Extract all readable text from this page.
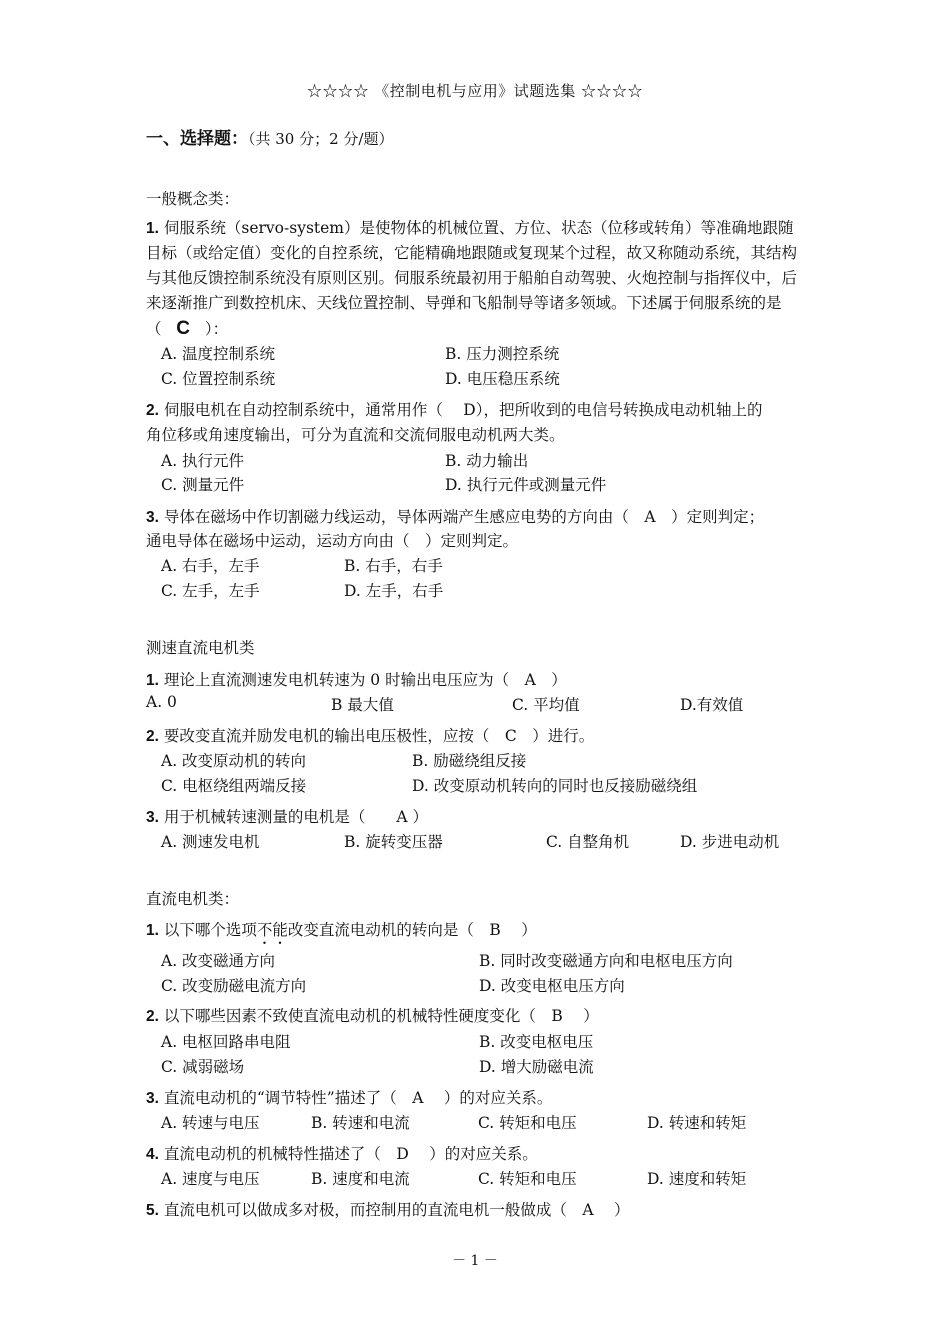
☆☆☆☆ 《控制电机与应用》试题选集 ☆☆☆☆
一、选择题：（共 30 分；2 分/题）
一般概念类：
1. 伺服系统（servo-system）是使物体的机械位置、方位、状态（位移或转角）等准确地跟随目标（或给定值）变化的自控系统，它能精确地跟随或复现某个过程，故又称随动系统，其结构与其他反馈控制系统没有原则区别。伺服系统最初用于船舶自动驾驶、火炮控制与指挥仪中，后来逐渐推广到数控机床、天线位置控制、导弹和飞船制导等诸多领域。下述属于伺服系统的是（ C ）：
A. 温度控制系统	B. 压力测控系统
C. 位置控制系统	D. 电压稳压系统
2. 伺服电机在自动控制系统中，通常用作（　 D），把所收到的电信号转换成电动机轴上的
角位移或角速度输出，可分为直流和交流伺服电动机两大类。
A. 执行元件	B. 动力输出
C. 测量元件	D. 执行元件或测量元件
3. 导体在磁场中作切割磁力线运动，导体两端产生感应电势的方向由（　A　）定则判定；
通电导体在磁场中运动，运动方向由（　）定则判定。
A. 右手，左手	B. 右手，右手
C. 左手，左手	D. 左手，右手
测速直流电机类
1. 理论上直流测速发电机转速为 0 时输出电压应为（　A　）
A. 0	B 最大值	C. 平均值	D.有效值
2. 要改变直流并励发电机的输出电压极性，应按（　C　）进行。
A. 改变原动机的转向	B. 励磁绕组反接
C. 电枢绕组两端反接	D. 改变原动机转向的同时也反接励磁绕组
3. 用于机械转速测量的电机是（　　A ）
A. 测速发电机	B. 旋转变压器	C. 自整角机	D. 步进电动机
直流电机类：
1. 以下哪个选项不能改变直流电动机的转向是（　B　 ）
A. 改变磁通方向	B. 同时改变磁通方向和电枢电压方向
C. 改变励磁电流方向	D. 改变电枢电压方向
2. 以下哪些因素不致使直流电动机的机械特性硬度变化（　B　 ）
A. 电枢回路串电阻	B. 改变电枢电压
C. 减弱磁场	D. 增大励磁电流
3. 直流电动机的“调节特性”描述了（　A　 ）的对应关系。
A. 转速与电压	B. 转速和电流	C. 转矩和电压	D. 转速和转矩
4. 直流电动机的机械特性描述了（　D　 ）的对应关系。
A. 速度与电压	B. 速度和电流	C. 转矩和电压	D. 速度和转矩
5. 直流电机可以做成多对极，而控制用的直流电机一般做成（　A　 ）
－ 1 －
